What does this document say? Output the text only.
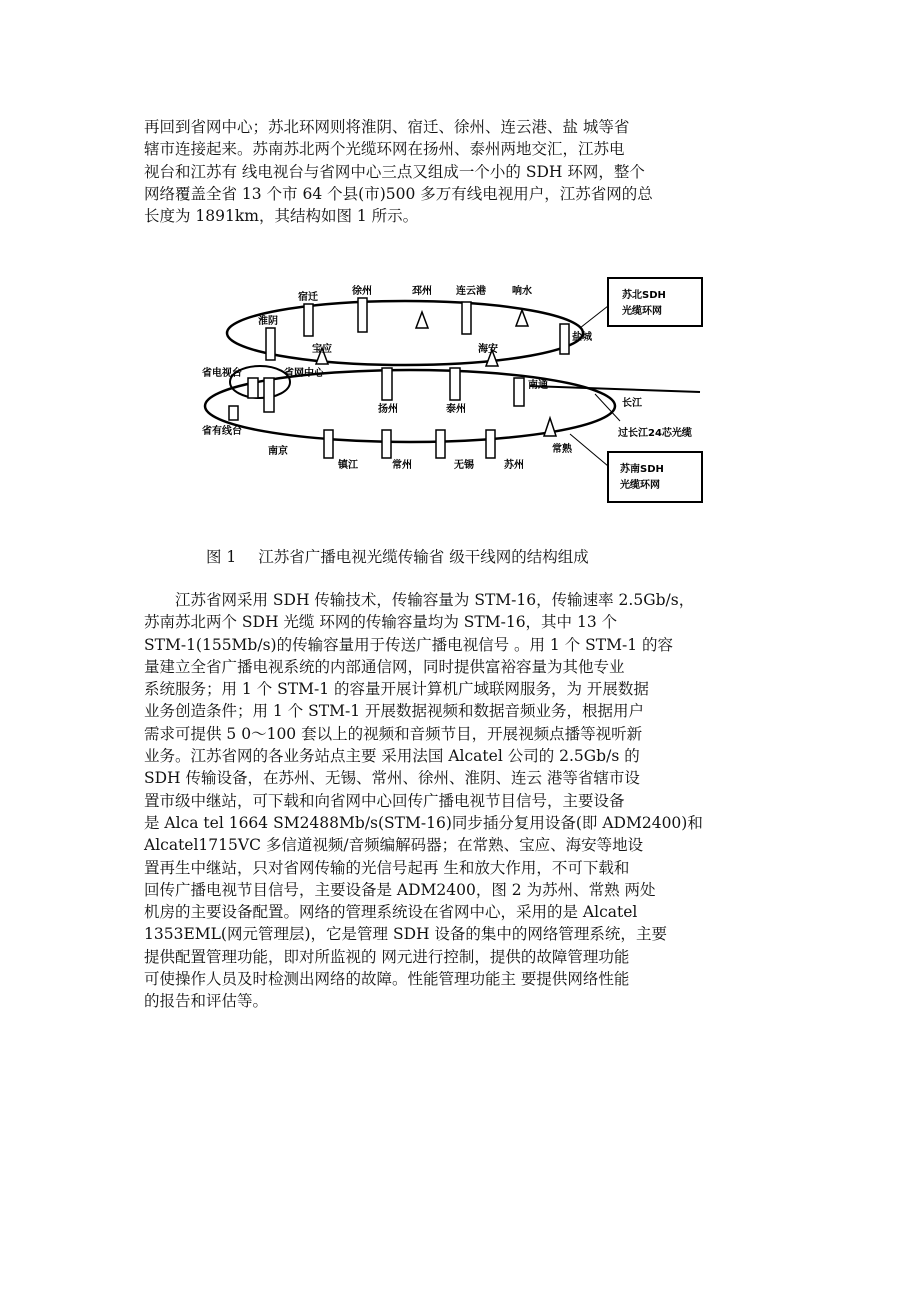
再回到省网中心；苏北环网则将淮阴、宿迁、徐州、连云港、盐 城等省
辖市连接起来。苏南苏北两个光缆环网在扬州、泰州两地交汇，江苏电
视台和江苏有 线电视台与省网中心三点又组成一个小的 SDH 环网，整个
网络覆盖全省 13 个市 64 个县(市)500 多万有线电视用户，江苏省网的总
长度为 1891km，其结构如图 1 所示。
苏北SDH
光缆环网
苏南SDH
光缆环网
淮阴
宿迁
徐州	邳州 连云港	响水
盐城
宝应	海安
省电视台	省网中心
扬州	泰州
南通
长江
过长江24芯光缆
省有线台
南京
镇江	常州	无锡	苏州
常熟
图 1 江苏省广播电视光缆传输省 级干线网的结构组成
江苏省网采用 SDH 传输技术，传输容量为 STM-16，传输速率 2.5Gb/s，
苏南苏北两个 SDH 光缆 环网的传输容量均为 STM-16，其中 13 个
STM-1(155Mb/s)的传输容量用于传送广播电视信号 。用 1 个 STM-1 的容
量建立全省广播电视系统的内部通信网，同时提供富裕容量为其他专业
系统服务；用 1 个 STM-1 的容量开展计算机广域联网服务，为 开展数据
业务创造条件；用 1 个 STM-1 开展数据视频和数据音频业务，根据用户
需求可提供 5 0～100 套以上的视频和音频节目，开展视频点播等视听新
业务。江苏省网的各业务站点主要 采用法国 Alcatel 公司的 2.5Gb/s 的
SDH 传输设备，在苏州、无锡、常州、徐州、淮阴、连云 港等省辖市设
置市级中继站，可下载和向省网中心回传广播电视节目信号，主要设备
是 Alca tel 1664 SM2488Mb/s(STM-16)同步插分复用设备(即 ADM2400)和
Alcatel1715VC 多信道视频/音频编解码器；在常熟、宝应、海安等地设
置再生中继站，只对省网传输的光信号起再 生和放大作用，不可下载和
回传广播电视节目信号，主要设备是 ADM2400，图 2 为苏州、常熟 两处
机房的主要设备配置。网络的管理系统设在省网中心，采用的是 Alcatel
1353EML(网元管理层)，它是管理 SDH 设备的集中的网络管理系统，主要
提供配置管理功能，即对所监视的 网元进行控制，提供的故障管理功能
可使操作人员及时检测出网络的故障。性能管理功能主 要提供网络性能
的报告和评估等。
